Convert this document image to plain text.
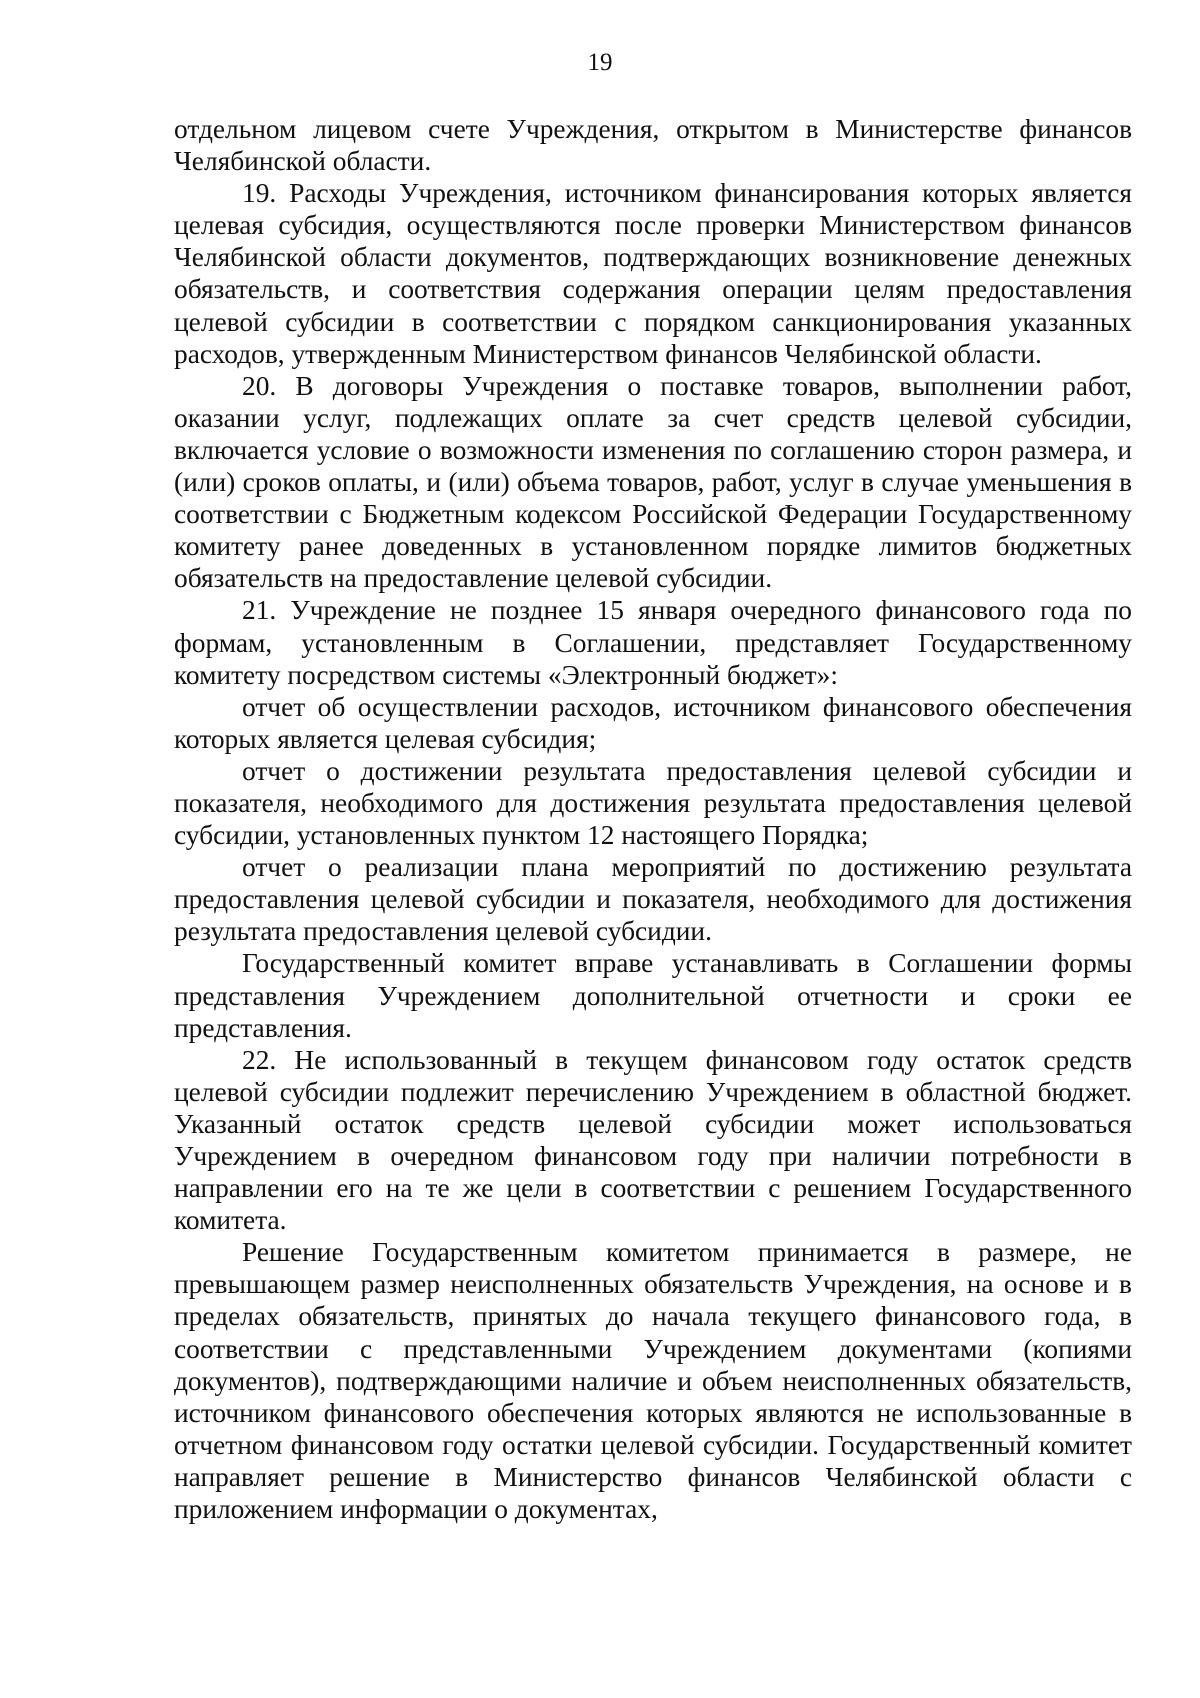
19

отдельном лицевом счете Учреждения, открытом в Министерстве финансов Челябинской области.

19. Расходы Учреждения, источником финансирования которых является целевая субсидия, осуществляются после проверки Министерством финансов Челябинской области документов, подтверждающих возникновение денежных обязательств, и соответствия содержания операции целям предоставления целевой субсидии в соответствии с порядком санкционирования указанных расходов, утвержденным Министерством финансов Челябинской области.

20. В договоры Учреждения о поставке товаров, выполнении работ, оказании услуг, подлежащих оплате за счет средств целевой субсидии, включается условие о возможности изменения по соглашению сторон размера, и (или) сроков оплаты, и (или) объема товаров, работ, услуг в случае уменьшения в соответствии с Бюджетным кодексом Российской Федерации Государственному комитету ранее доведенных в установленном порядке лимитов бюджетных обязательств на предоставление целевой субсидии.

21. Учреждение не позднее 15 января очередного финансового года по формам, установленным в Соглашении, представляет Государственному комитету посредством системы «Электронный бюджет»:

отчет об осуществлении расходов, источником финансового обеспечения которых является целевая субсидия;

отчет о достижении результата предоставления целевой субсидии и показателя, необходимого для достижения результата предоставления целевой субсидии, установленных пунктом 12 настоящего Порядка;

отчет о реализации плана мероприятий по достижению результата предоставления целевой субсидии и показателя, необходимого для достижения результата предоставления целевой субсидии.

Государственный комитет вправе устанавливать в Соглашении формы представления Учреждением дополнительной отчетности и сроки ее представления.

22. Не использованный в текущем финансовом году остаток средств целевой субсидии подлежит перечислению Учреждением в областной бюджет. Указанный остаток средств целевой субсидии может использоваться Учреждением в очередном финансовом году при наличии потребности в направлении его на те же цели в соответствии с решением Государственного комитета.

Решение Государственным комитетом принимается в размере, не превышающем размер неисполненных обязательств Учреждения, на основе и в пределах обязательств, принятых до начала текущего финансового года, в соответствии с представленными Учреждением документами (копиями документов), подтверждающими наличие и объем неисполненных обязательств, источником финансового обеспечения которых являются не использованные в отчетном финансовом году остатки целевой субсидии. Государственный комитет направляет решение в Министерство финансов Челябинской области с приложением информации о документах,
